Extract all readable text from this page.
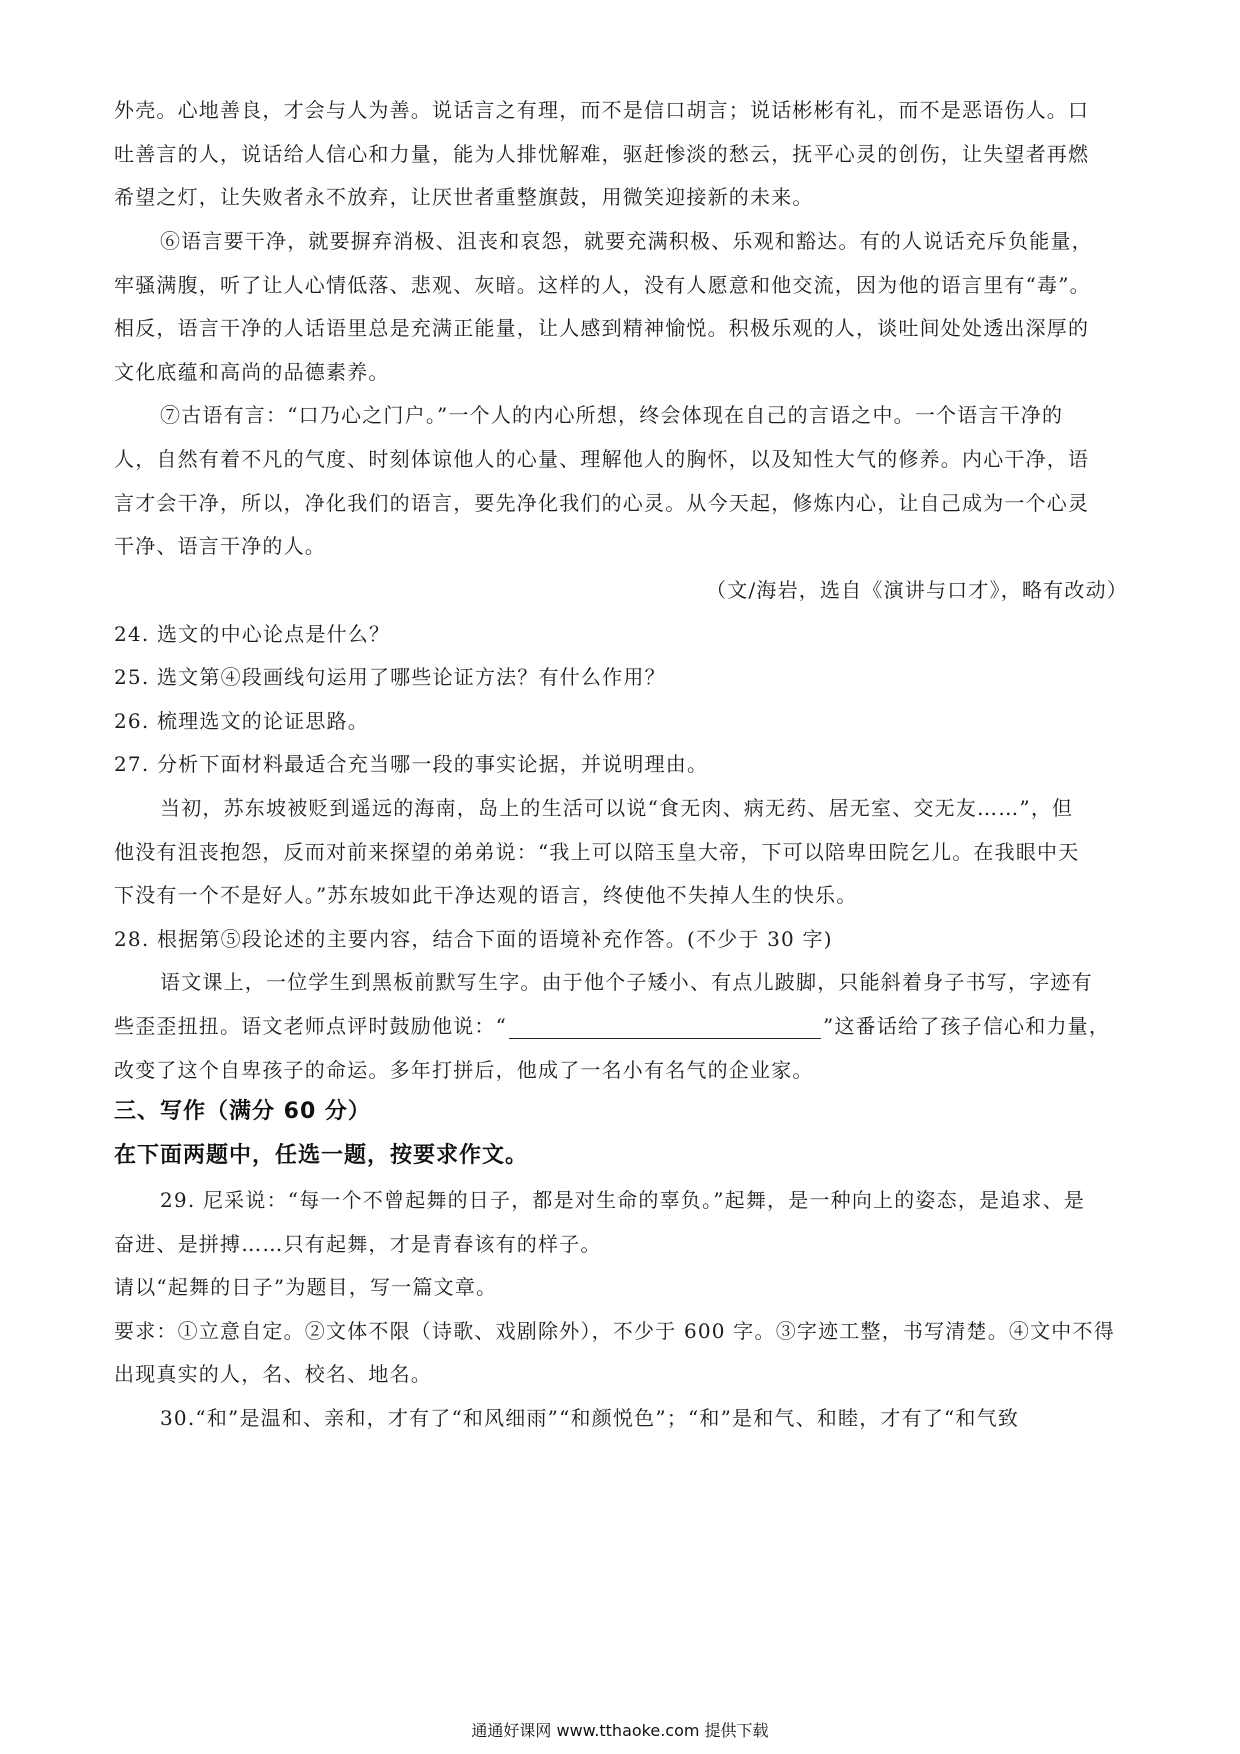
外壳。心地善良，才会与人为善。说话言之有理，而不是信口胡言；说话彬彬有礼，而不是恶语伤人。口
吐善言的人，说话给人信心和力量，能为人排忧解难，驱赶惨淡的愁云，抚平心灵的创伤，让失望者再燃
希望之灯，让失败者永不放弃，让厌世者重整旗鼓，用微笑迎接新的未来。
⑥语言要干净，就要摒弃消极、沮丧和哀怨，就要充满积极、乐观和豁达。有的人说话充斥负能量，
牢骚满腹，听了让人心情低落、悲观、灰暗。这样的人，没有人愿意和他交流，因为他的语言里有“毒”。
相反，语言干净的人话语里总是充满正能量，让人感到精神愉悦。积极乐观的人，谈吐间处处透出深厚的
文化底蕴和高尚的品德素养。
⑦古语有言：“口乃心之门户。”一个人的内心所想，终会体现在自己的言语之中。一个语言干净的
人，自然有着不凡的气度、时刻体谅他人的心量、理解他人的胸怀，以及知性大气的修养。内心干净，语
言才会干净，所以，净化我们的语言，要先净化我们的心灵。从今天起，修炼内心，让自己成为一个心灵
干净、语言干净的人。
（文/海岩，选自《演讲与口才》，略有改动）
24. 选文的中心论点是什么？
25. 选文第④段画线句运用了哪些论证方法？有什么作用？
26. 梳理选文的论证思路。
27. 分析下面材料最适合充当哪一段的事实论据，并说明理由。
当初，苏东坡被贬到遥远的海南，岛上的生活可以说“食无肉、病无药、居无室、交无友……”，但
他没有沮丧抱怨，反而对前来探望的弟弟说：“我上可以陪玉皇大帝，下可以陪卑田院乞儿。在我眼中天
下没有一个不是好人。”苏东坡如此干净达观的语言，终使他不失掉人生的快乐。
28. 根据第⑤段论述的主要内容，结合下面的语境补充作答。(不少于 30 字)
语文课上，一位学生到黑板前默写生字。由于他个子矮小、有点儿跛脚，只能斜着身子书写，字迹有
些歪歪扭扭。语文老师点评时鼓励他说：“	”这番话给了孩子信心和力量，
改变了这个自卑孩子的命运。多年打拼后，他成了一名小有名气的企业家。
三、写作（满分 60 分）
在下面两题中，任选一题，按要求作文。
29. 尼采说：“每一个不曾起舞的日子，都是对生命的辜负。”起舞，是一种向上的姿态，是追求、是
奋进、是拼搏……只有起舞，才是青春该有的样子。
请以“起舞的日子”为题目，写一篇文章。
要求：①立意自定。②文体不限（诗歌、戏剧除外），不少于 600 字。③字迹工整，书写清楚。④文中不得
出现真实的人，名、校名、地名。
30.“和”是温和、亲和，才有了“和风细雨”“和颜悦色”；“和”是和气、和睦，才有了“和气致
通通好课网 www.tthaoke.com 提供下载
